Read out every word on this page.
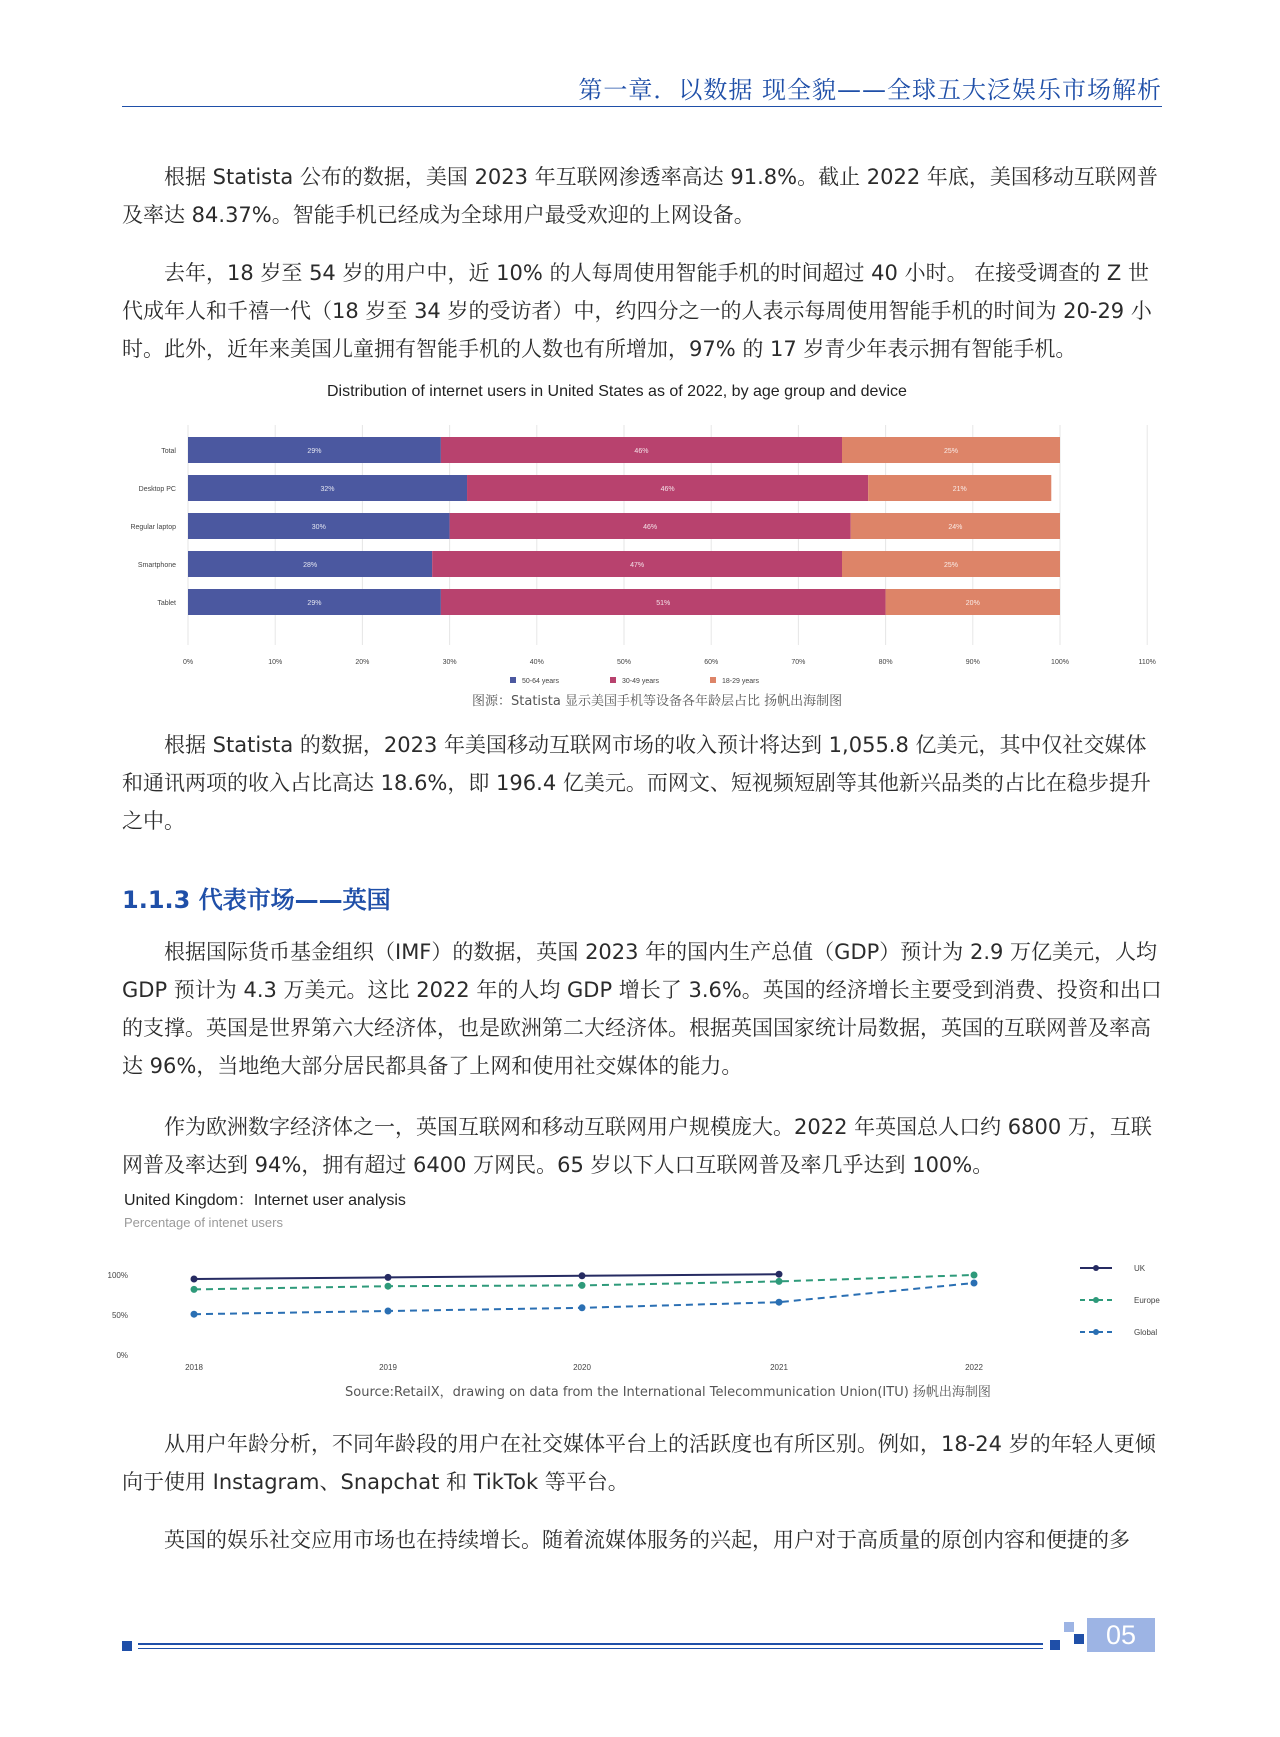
第一章．以数据 现全貌——全球五大泛娱乐市场解析

根据 Statista 公布的数据，美国 2023 年互联网渗透率高达 91.8%。截止 2022 年底，美国移动互联网普及率达 84.37%。智能手机已经成为全球用户最受欢迎的上网设备。

去年，18 岁至 54 岁的用户中，近 10% 的人每周使用智能手机的时间超过 40 小时。 在接受调查的 Z 世代成年人和千禧一代（18 岁至 34 岁的受访者）中，约四分之一的人表示每周使用智能手机的时间为 20-29 小时。此外，近年来美国儿童拥有智能手机的人数也有所增加，97% 的 17 岁青少年表示拥有智能手机。

Distribution of internet users in United States as of 2022, by age group and device
0%	10%	20%	30%	40%	50%	60%	70%	80%	90%	100%	110%
Total	29%	46%	25%
Desktop PC	32%	46%	21%
Regular laptop	30%	46%	24%
Smartphone	28%	47%	25%
Tablet	29%	51%	20%
50-64 years	30-49 years	18-29 years
图源：Statista 显示美国手机等设备各年龄层占比 扬帆出海制图

根据 Statista 的数据，2023 年美国移动互联网市场的收入预计将达到 1,055.8 亿美元，其中仅社交媒体和通讯两项的收入占比高达 18.6%，即 196.4 亿美元。而网文、短视频短剧等其他新兴品类的占比在稳步提升之中。

1.1.3 代表市场——英国

根据国际货币基金组织（IMF）的数据，英国 2023 年的国内生产总值（GDP）预计为 2.9 万亿美元，人均 GDP 预计为 4.3 万美元。这比 2022 年的人均 GDP 增长了 3.6%。英国的经济增长主要受到消费、投资和出口的支撑。英国是世界第六大经济体，也是欧洲第二大经济体。根据英国国家统计局数据，英国的互联网普及率高达 96%，当地绝大部分居民都具备了上网和使用社交媒体的能力。

作为欧洲数字经济体之一，英国互联网和移动互联网用户规模庞大。2022 年英国总人口约 6800 万，互联网普及率达到 94%，拥有超过 6400 万网民。65 岁以下人口互联网普及率几乎达到 100%。

United Kingdom：Internet user analysis
Percentage of intenet users
0%
50%
100%
2018	2019	2020	2021	2022
UK
Europe
Global
Source:RetailX，drawing on data from the International Telecommunication Union(ITU) 扬帆出海制图

从用户年龄分析，不同年龄段的用户在社交媒体平台上的活跃度也有所区别。例如，18-24 岁的年轻人更倾向于使用 Instagram、Snapchat 和 TikTok 等平台。

英国的娱乐社交应用市场也在持续增长。随着流媒体服务的兴起，用户对于高质量的原创内容和便捷的多

05
